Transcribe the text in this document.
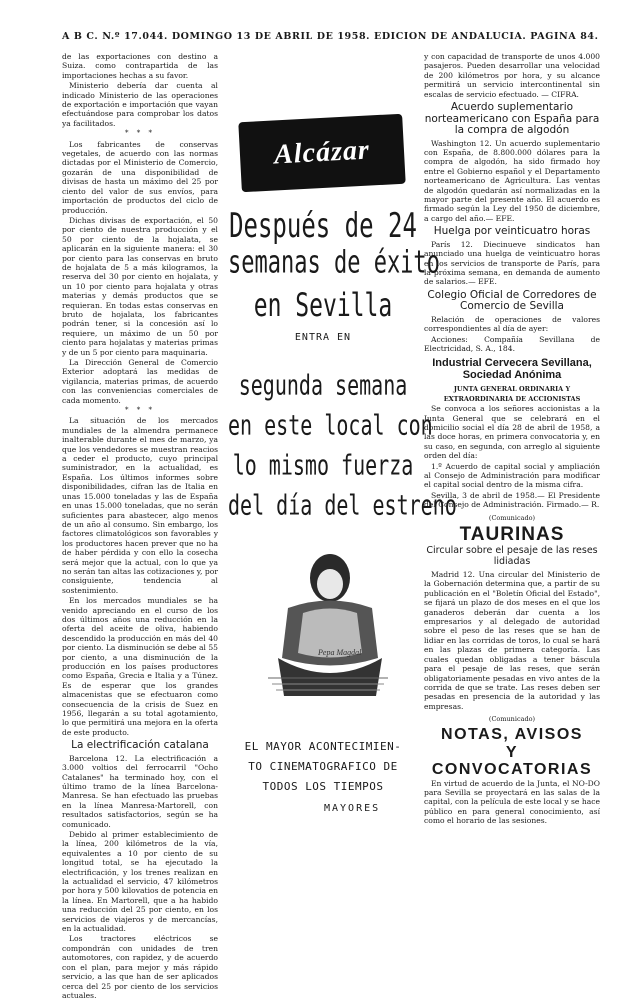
A B C. N.º 17.044. DOMINGO 13 DE ABRIL DE 1958. EDICION DE ANDALUCIA. PAGINA 84.

de las exportaciones con destino a Suiza. como contrapartida de las importaciones hechas a su favor.

Ministerio debería dar cuenta al indicado Ministerio de las operaciones de exportación e importación que vayan efectuándose para comprobar los datos ya facilitados.

* * *

Los fabricantes de conservas vegetales, de acuerdo con las normas dictadas por el Ministerio de Comercio, gozarán de una disponibilidad de divisas de hasta un máximo del 25 por ciento del valor de sus envíos, para importación de productos del ciclo de producción.

Dichas divisas de exportación, el 50 por ciento de nuestra producción y el 50 por ciento de la hojalata, se aplicarán en la siguiente manera: el 30 por ciento para las conservas en bruto de hojalata de 5 a más kilogramos, la reserva del 30 por ciento en hojalata, y un 10 por ciento para hojalata y otras materias y demás productos que se requieran. En todas estas conservas en bruto de hojalata, los fabricantes podrán tener, si la concesión así lo requiere, un máximo de un 50 por ciento para hojalatas y materias primas y de un 5 por ciento para maquinaria.

La Dirección General de Comercio Exterior adoptará las medidas de vigilancia, materias primas, de acuerdo con las conveniencias comerciales de cada momento.

* * *

La situación de los mercados mundiales de la almendra permanece inalterable durante el mes de marzo, ya que los vendedores se muestran reacios a ceder el producto, cuyo principal suministrador, en la actualidad, es España. Los últimos informes sobre disponibilidades, cifran las de Italia en unas 15.000 toneladas y las de España en unas 15.000 toneladas, que no serán suficientes para abastecer, algo menos de un año al consumo. Sin embargo, los factores climatológicos son favorables y los productores hacen prever que no ha de haber pérdida y con ello la cosecha será mejor que la actual, con lo que ya no serán tan altas las cotizaciones y, por consiguiente, tendencia al sostenimiento.

En los mercados mundiales se ha venido apreciando en el curso de los dos últimos años una reducción en la oferta del aceite de oliva, habiendo descendido la producción en más del 40 por ciento. La disminución se debe al 55 por ciento, a una disminución de la producción en los países productores como España, Grecia e Italia y a Túnez. Es de esperar que los grandes almacenistas que se efectuaron como consecuencia de la crisis de Suez en 1956, llegarán a su total agotamiento, lo que permitirá una mejora en la oferta de este producto.

La electrificación catalana

Barcelona 12. La electrificación a 3.000 voltios del ferrocarril "Ocho Catalanes" ha terminado hoy, con el último tramo de la línea Barcelona-Manresa. Se han efectuado las pruebas en la línea Manresa-Martorell, con resultados satisfactorios, según se ha comunicado.

Debido al primer establecimiento de la línea, 200 kilómetros de la vía, equivalentes a 10 por ciento de su longitud total, se ha ejecutado la electrificación, y los trenes realizan en la actualidad el servicio, 47 kilómetros por hora y 500 kilovatios de potencia en la línea. En Martorell, que a ha habido una reducción del 25 por ciento, en los servicios de viajeros y de mercancías, en la actualidad.

Los tractores eléctricos se compondrán con unidades de tren automotores, con rapidez, y de acuerdo con el plan, para mejor y más rápido servicio, a las que han de ser aplicados cerca del 25 por ciento de los servicios actuales.

Alcázar
Después de 24
semanas de éxito
en Sevilla
ENTRA EN
segunda semana
en este local con
lo mismo fuerza
del día del estreno
Pepa Magdal
EL MAYOR ACONTECIMIEN-
TO CINEMATOGRAFICO DE
TODOS LOS TIEMPOS
MAYORES

y con capacidad de transporte de unos 4.000 pasajeros. Pueden desarrollar una velocidad de 200 kilómetros por hora, y su alcance permitirá un servicio intercontinental sin escalas de servicio efectuado. — CIFRA.

Acuerdo suplementario norteamericano con España para la compra de algodón

Washington 12. Un acuerdo suplementario con España, de 8.800.000 dólares para la compra de algodón, ha sido firmado hoy entre el Gobierno español y el Departamento norteamericano de Agricultura. Las ventas de algodón quedarán así normalizadas en la mayor parte del presente año. El acuerdo es firmado según la Ley del 1950 de diciembre, a cargo del año.— EFE.

Huelga por veinticuatro horas

París 12. Diecinueve sindicatos han anunciado una huelga de veinticuatro horas en los servicios de transporte de París, para la próxima semana, en demanda de aumento de salarios.— EFE.

Colegio Oficial de Corredores de Comercio de Sevilla

Relación de operaciones de valores correspondientes al día de ayer:

Acciones: Compañía Sevillana de Electricidad, S. A., 184.

Industrial Cervecera Sevillana, Sociedad Anónima
JUNTA GENERAL ORDINARIA Y EXTRAORDINARIA DE ACCIONISTAS

Se convoca a los señores accionistas a la Junta General que se celebrará en el domicilio social el día 28 de abril de 1958, a las doce horas, en primera convocatoria y, en su caso, en segunda, con arreglo al siguiente orden del día:

1.º Acuerdo de capital social y ampliación al Consejo de Administración para modificar el capital social dentro de la misma cifra.

Sevilla, 3 de abril de 1958.— El Presidente del Consejo de Administración. Firmado.— R.

(Comunicado)
TAURINAS
Circular sobre el pesaje de las reses lidiadas

Madrid 12. Una circular del Ministerio de la Gobernación determina que, a partir de su publicación en el "Boletín Oficial del Estado", se fijará un plazo de dos meses en el que los ganaderos deberán dar cuenta a los empresarios y al delegado de autoridad sobre el peso de las reses que se han de lidiar en las corridas de toros, lo cual se hará en las plazas de primera categoría. Las cuales quedan obligadas a tener báscula para el pesaje de las reses, que serán obligatoriamente pesadas en vivo antes de la corrida de que se trate. Las reses deben ser pesadas en presencia de la autoridad y las empresas.

(Comunicado)
NOTAS, AVISOS
Y CONVOCATORIAS

En virtud de acuerdo de la Junta, el NO-DO para Sevilla se proyectará en las salas de la capital, con la película de este local y se hace público en para general conocimiento, así como el horario de las sesiones.
